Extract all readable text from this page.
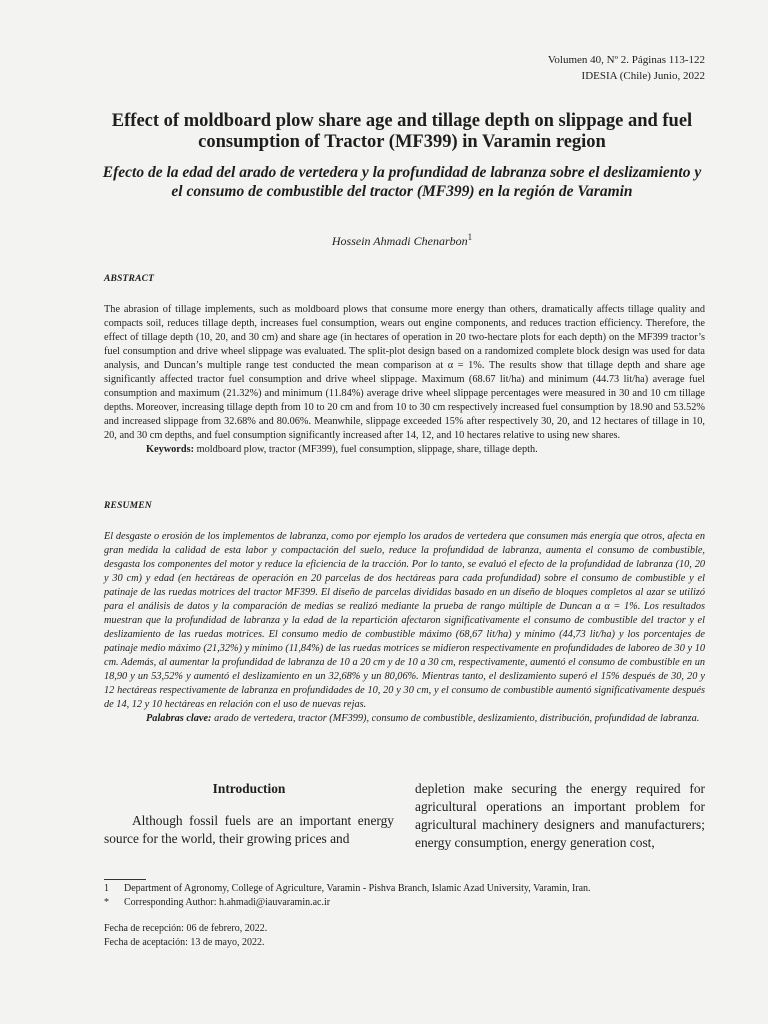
Volumen 40, Nº 2. Páginas 113-122
IDESIA (Chile) Junio, 2022
Effect of moldboard plow share age and tillage depth on slippage and fuel consumption of Tractor (MF399) in Varamin region
Efecto de la edad del arado de vertedera y la profundidad de labranza sobre el deslizamiento y el consumo de combustible del tractor (MF399) en la región de Varamin
Hossein Ahmadi Chenarbon$^1$
ABSTRACT
The abrasion of tillage implements, such as moldboard plows that consume more energy than others, dramatically affects tillage quality and compacts soil, reduces tillage depth, increases fuel consumption, wears out engine components, and reduces traction efficiency. Therefore, the effect of tillage depth (10, 20, and 30 cm) and share age (in hectares of operation in 20 two-hectare plots for each depth) on the MF399 tractor’s fuel consumption and drive wheel slippage was evaluated. The split-plot design based on a randomized complete block design was used for data analysis, and Duncan’s multiple range test conducted the mean comparison at α = 1%. The results show that tillage depth and share age significantly affected tractor fuel consumption and drive wheel slippage. Maximum (68.67 lit/ha) and minimum (44.73 lit/ha) average fuel consumption and maximum (21.32%) and minimum (11.84%) average drive wheel slippage percentages were measured in 30 and 10 cm tillage depths. Moreover, increasing tillage depth from 10 to 20 cm and from 10 to 30 cm respectively increased fuel consumption by 18.90 and 53.52% and increased slippage from 32.68% and 80.06%. Meanwhile, slippage exceeded 15% after respectively 30, 20, and 12 hectares of tillage in 10, 20, and 30 cm depths, and fuel consumption significantly increased after 14, 12, and 10 hectares relative to using new shares.
Keywords: moldboard plow, tractor (MF399), fuel consumption, slippage, share, tillage depth.
RESUMEN
El desgaste o erosión de los implementos de labranza, como por ejemplo los arados de vertedera que consumen más energía que otros, afecta en gran medida la calidad de esta labor y compactación del suelo, reduce la profundidad de labranza, aumenta el consumo de combustible, desgasta los componentes del motor y reduce la eficiencia de la tracción. Por lo tanto, se evaluó el efecto de la profundidad de labranza (10, 20 y 30 cm) y edad (en hectáreas de operación en 20 parcelas de dos hectáreas para cada profundidad) sobre el consumo de combustible y el patinaje de las ruedas motrices del tractor MF399. El diseño de parcelas divididas basado en un diseño de bloques completos al azar se utilizó para el análisis de datos y la comparación de medias se realizó mediante la prueba de rango múltiple de Duncan a α = 1%. Los resultados muestran que la profundidad de labranza y la edad de la repartición afectaron significativamente el consumo de combustible del tractor y el deslizamiento de las ruedas motrices. El consumo medio de combustible máximo (68,67 lit/ha) y mínimo (44,73 lit/ha) y los porcentajes de patinaje medio máximo (21,32%) y mínimo (11,84%) de las ruedas motrices se midieron respectivamente en profundidades de laboreo de 30 y 10 cm. Además, al aumentar la profundidad de labranza de 10 a 20 cm y de 10 a 30 cm, respectivamente, aumentó el consumo de combustible en un 18,90 y un 53,52% y aumentó el deslizamiento en un 32,68% y un 80,06%. Mientras tanto, el deslizamiento superó el 15% después de 30, 20 y 12 hectáreas respectivamente de labranza en profundidades de 10, 20 y 30 cm, y el consumo de combustible aumentó significativamente después de 14, 12 y 10 hectáreas en relación con el uso de nuevas rejas.
Palabras clave: arado de vertedera, tractor (MF399), consumo de combustible, deslizamiento, distribución, profundidad de labranza.
Introduction

Although fossil fuels are an important energy source for the world, their growing prices and

depletion make securing the energy required for agricultural operations an important problem for agricultural machinery designers and manufacturers; energy consumption, energy generation cost,

1	Department of Agronomy, College of Agriculture, Varamin - Pishva Branch, Islamic Azad University, Varamin, Iran.
*	Corresponding Author: h.ahmadi@iauvaramin.ac.ir
Fecha de recepción: 06 de febrero, 2022.
Fecha de aceptación: 13 de mayo, 2022.
